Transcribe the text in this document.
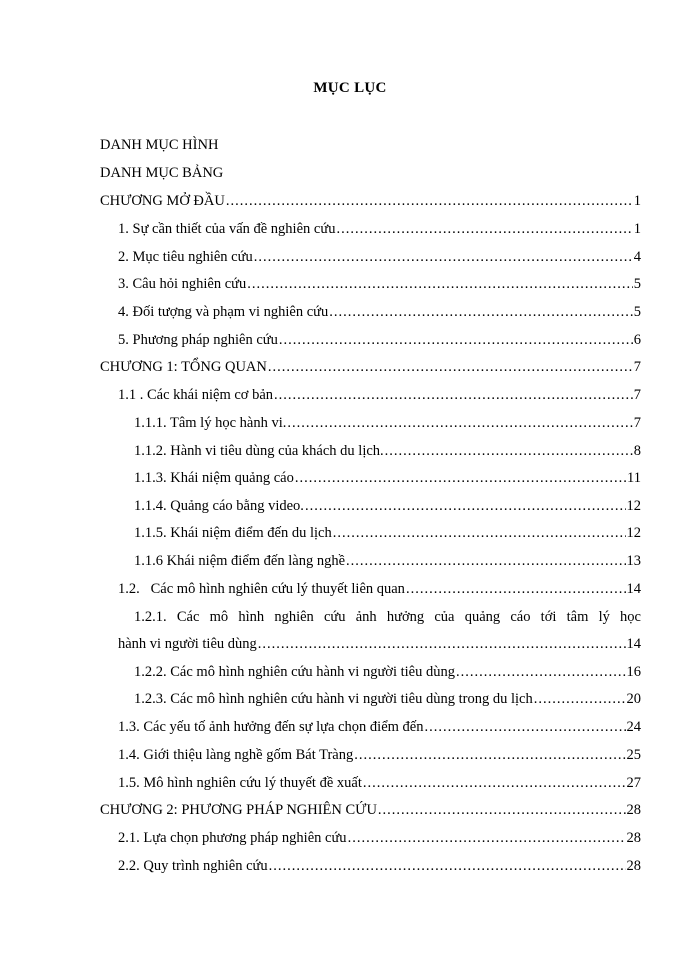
MỤC LỤC
DANH MỤC HÌNH
DANH MỤC BẢNG
CHƯƠNG MỞ ĐẦU .....	1
1. Sự cần thiết của vấn đề nghiên cứu .....	1
2. Mục tiêu nghiên cứu .....	4
3. Câu hỏi nghiên cứu .....	5
4. Đối tượng và phạm vi nghiên cứu .....	5
5. Phương pháp nghiên cứu .....	6
CHƯƠNG 1: TỔNG QUAN .....	7
1.1 . Các khái niệm cơ bản .....	7
1.1.1. Tâm lý học hành vi. .....	7
1.1.2. Hành vi tiêu dùng của khách du lịch. .....	8
1.1.3. Khái niệm quảng cáo .....	11
1.1.4. Quảng cáo bằng video. .....	12
1.1.5. Khái niệm điểm đến du lịch .....	12
1.1.6 Khái niệm điểm đến làng nghề .....	13
1.2.   Các mô hình nghiên cứu lý thuyết liên quan .....	14
1.2.1. Các mô hình nghiên cứu ảnh hưởng của quảng cáo tới tâm lý học
hành vi người tiêu dùng .....	14
1.2.2. Các mô hình nghiên cứu hành vi người tiêu dùng .....	16
1.2.3. Các mô hình nghiên cứu hành vi người tiêu dùng trong du lịch .....	20
1.3. Các yếu tố ảnh hưởng đến sự lựa chọn điểm đến .....	24
1.4. Giới thiệu làng nghề gốm Bát Tràng .....	25
1.5. Mô hình nghiên cứu lý thuyết đề xuất .....	27
CHƯƠNG 2: PHƯƠNG PHÁP NGHIÊN CỨU .....	28
2.1. Lựa chọn phương pháp nghiên cứu .....	28
2.2. Quy trình nghiên cứu .....	28
